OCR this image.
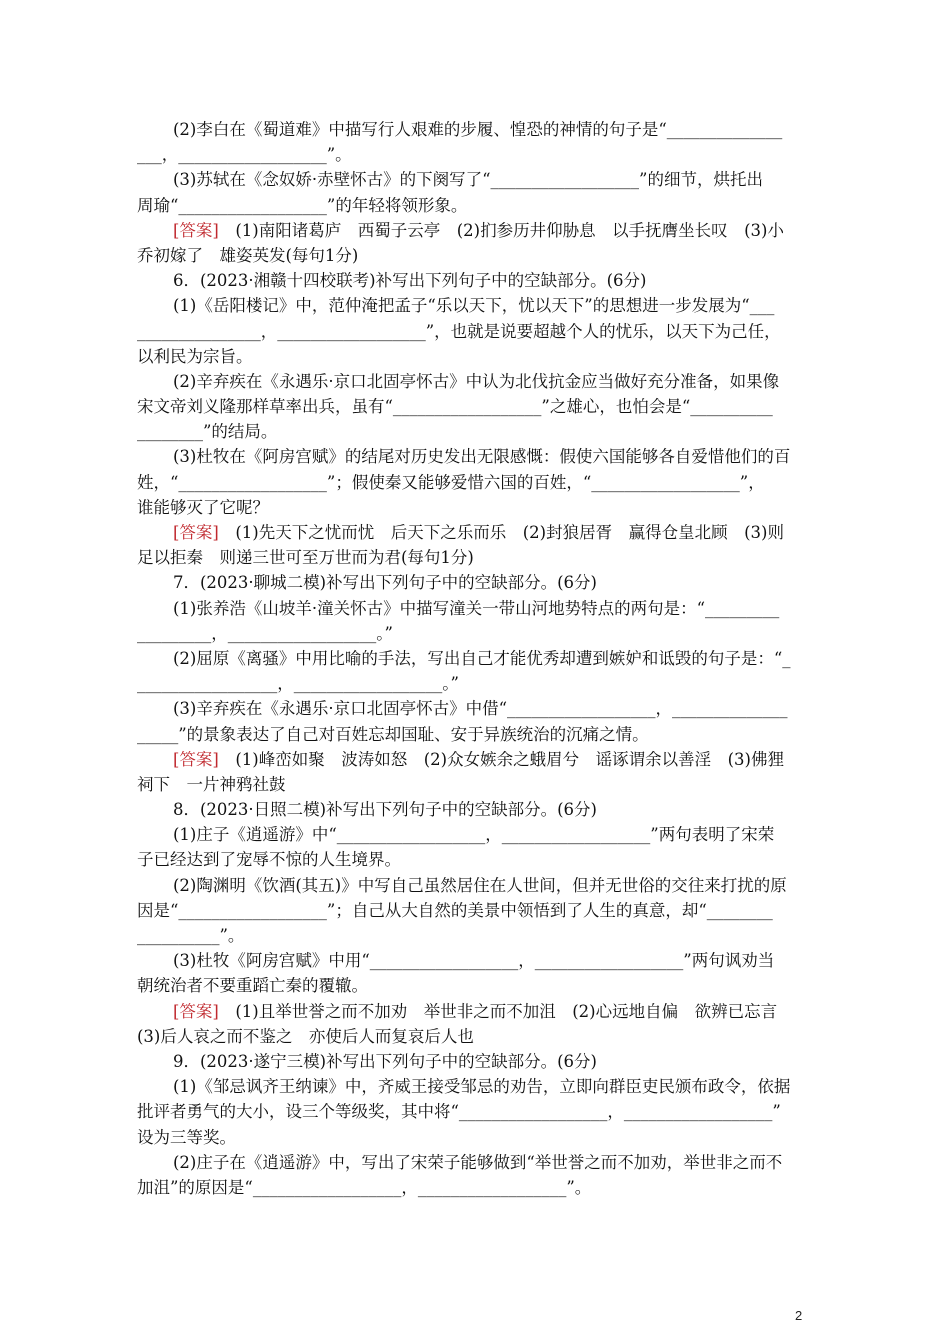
(2)李白在《蜀道难》中描写行人艰难的步履、惶恐的神情的句子是“______________
___，__________________”。
(3)苏轼在《念奴娇·赤壁怀古》的下阕写了“__________________”的细节，烘托出
周瑜“__________________”的年轻将领形象。
[答案]  (1)南阳诸葛庐　西蜀子云亭　(2)扪参历井仰胁息　以手抚膺坐长叹　(3)小
乔初嫁了　雄姿英发(每句1分)
6．(2023·湘赣十四校联考)补写出下列句子中的空缺部分。(6分)
(1)《岳阳楼记》中，范仲淹把孟子“乐以天下，忧以天下”的思想进一步发展为“___
_______________，__________________”，也就是说要超越个人的忧乐，以天下为己任，
以利民为宗旨。
(2)辛弃疾在《永遇乐·京口北固亭怀古》中认为北伐抗金应当做好充分准备，如果像
宋文帝刘义隆那样草率出兵，虽有“__________________”之雄心，也怕会是“__________
________”的结局。
(3)杜牧在《阿房宫赋》的结尾对历史发出无限感慨：假使六国能够各自爱惜他们的百
姓，“__________________”；假使秦又能够爱惜六国的百姓，“__________________”，
谁能够灭了它呢？
[答案]  (1)先天下之忧而忧　后天下之乐而乐　(2)封狼居胥　赢得仓皇北顾　(3)则
足以拒秦　则递三世可至万世而为君(每句1分)
7．(2023·聊城二模)补写出下列句子中的空缺部分。(6分)
(1)张养浩《山坡羊·潼关怀古》中描写潼关一带山河地势特点的两句是：“_________
_________，__________________。”
(2)屈原《离骚》中用比喻的手法，写出自己才能优秀却遭到嫉妒和诋毁的句子是：“_
_________________，__________________。”
(3)辛弃疾在《永遇乐·京口北固亭怀古》中借“__________________，______________
_____”的景象表达了自己对百姓忘却国耻、安于异族统治的沉痛之情。
[答案]  (1)峰峦如聚　波涛如怒　(2)众女嫉余之蛾眉兮　谣诼谓余以善淫　(3)佛狸
祠下　一片神鸦社鼓
8．(2023·日照二模)补写出下列句子中的空缺部分。(6分)
(1)庄子《逍遥游》中“__________________，__________________”两句表明了宋荣
子已经达到了宠辱不惊的人生境界。
(2)陶渊明《饮酒(其五)》中写自己虽然居住在人世间，但并无世俗的交往来打扰的原
因是“__________________”；自己从大自然的美景中领悟到了人生的真意，却“________
__________”。
(3)杜牧《阿房宫赋》中用“__________________，__________________”两句讽劝当
朝统治者不要重蹈亡秦的覆辙。
[答案]  (1)且举世誉之而不加劝　举世非之而不加沮　(2)心远地自偏　欲辨已忘言
(3)后人哀之而不鉴之　亦使后人而复哀后人也
9．(2023·遂宁三模)补写出下列句子中的空缺部分。(6分)
(1)《邹忌讽齐王纳谏》中，齐威王接受邹忌的劝告，立即向群臣吏民颁布政令，依据
批评者勇气的大小，设三个等级奖，其中将“__________________，__________________”
设为三等奖。
(2)庄子在《逍遥游》中，写出了宋荣子能够做到“举世誉之而不加劝，举世非之而不
加沮”的原因是“__________________，__________________”。
2
